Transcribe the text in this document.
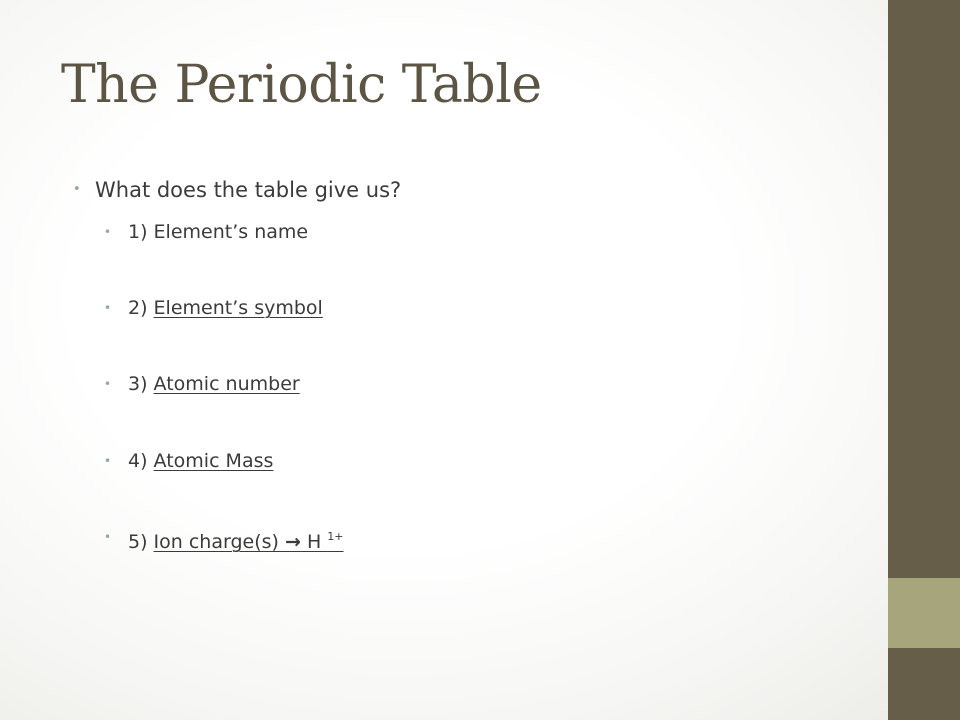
The Periodic Table
• What does the table give us?
• 1) Element’s name
• 2) Element’s symbol
• 3) Atomic number
• 4) Atomic Mass
• 5) Ion charge(s) → H $^{1+}$
